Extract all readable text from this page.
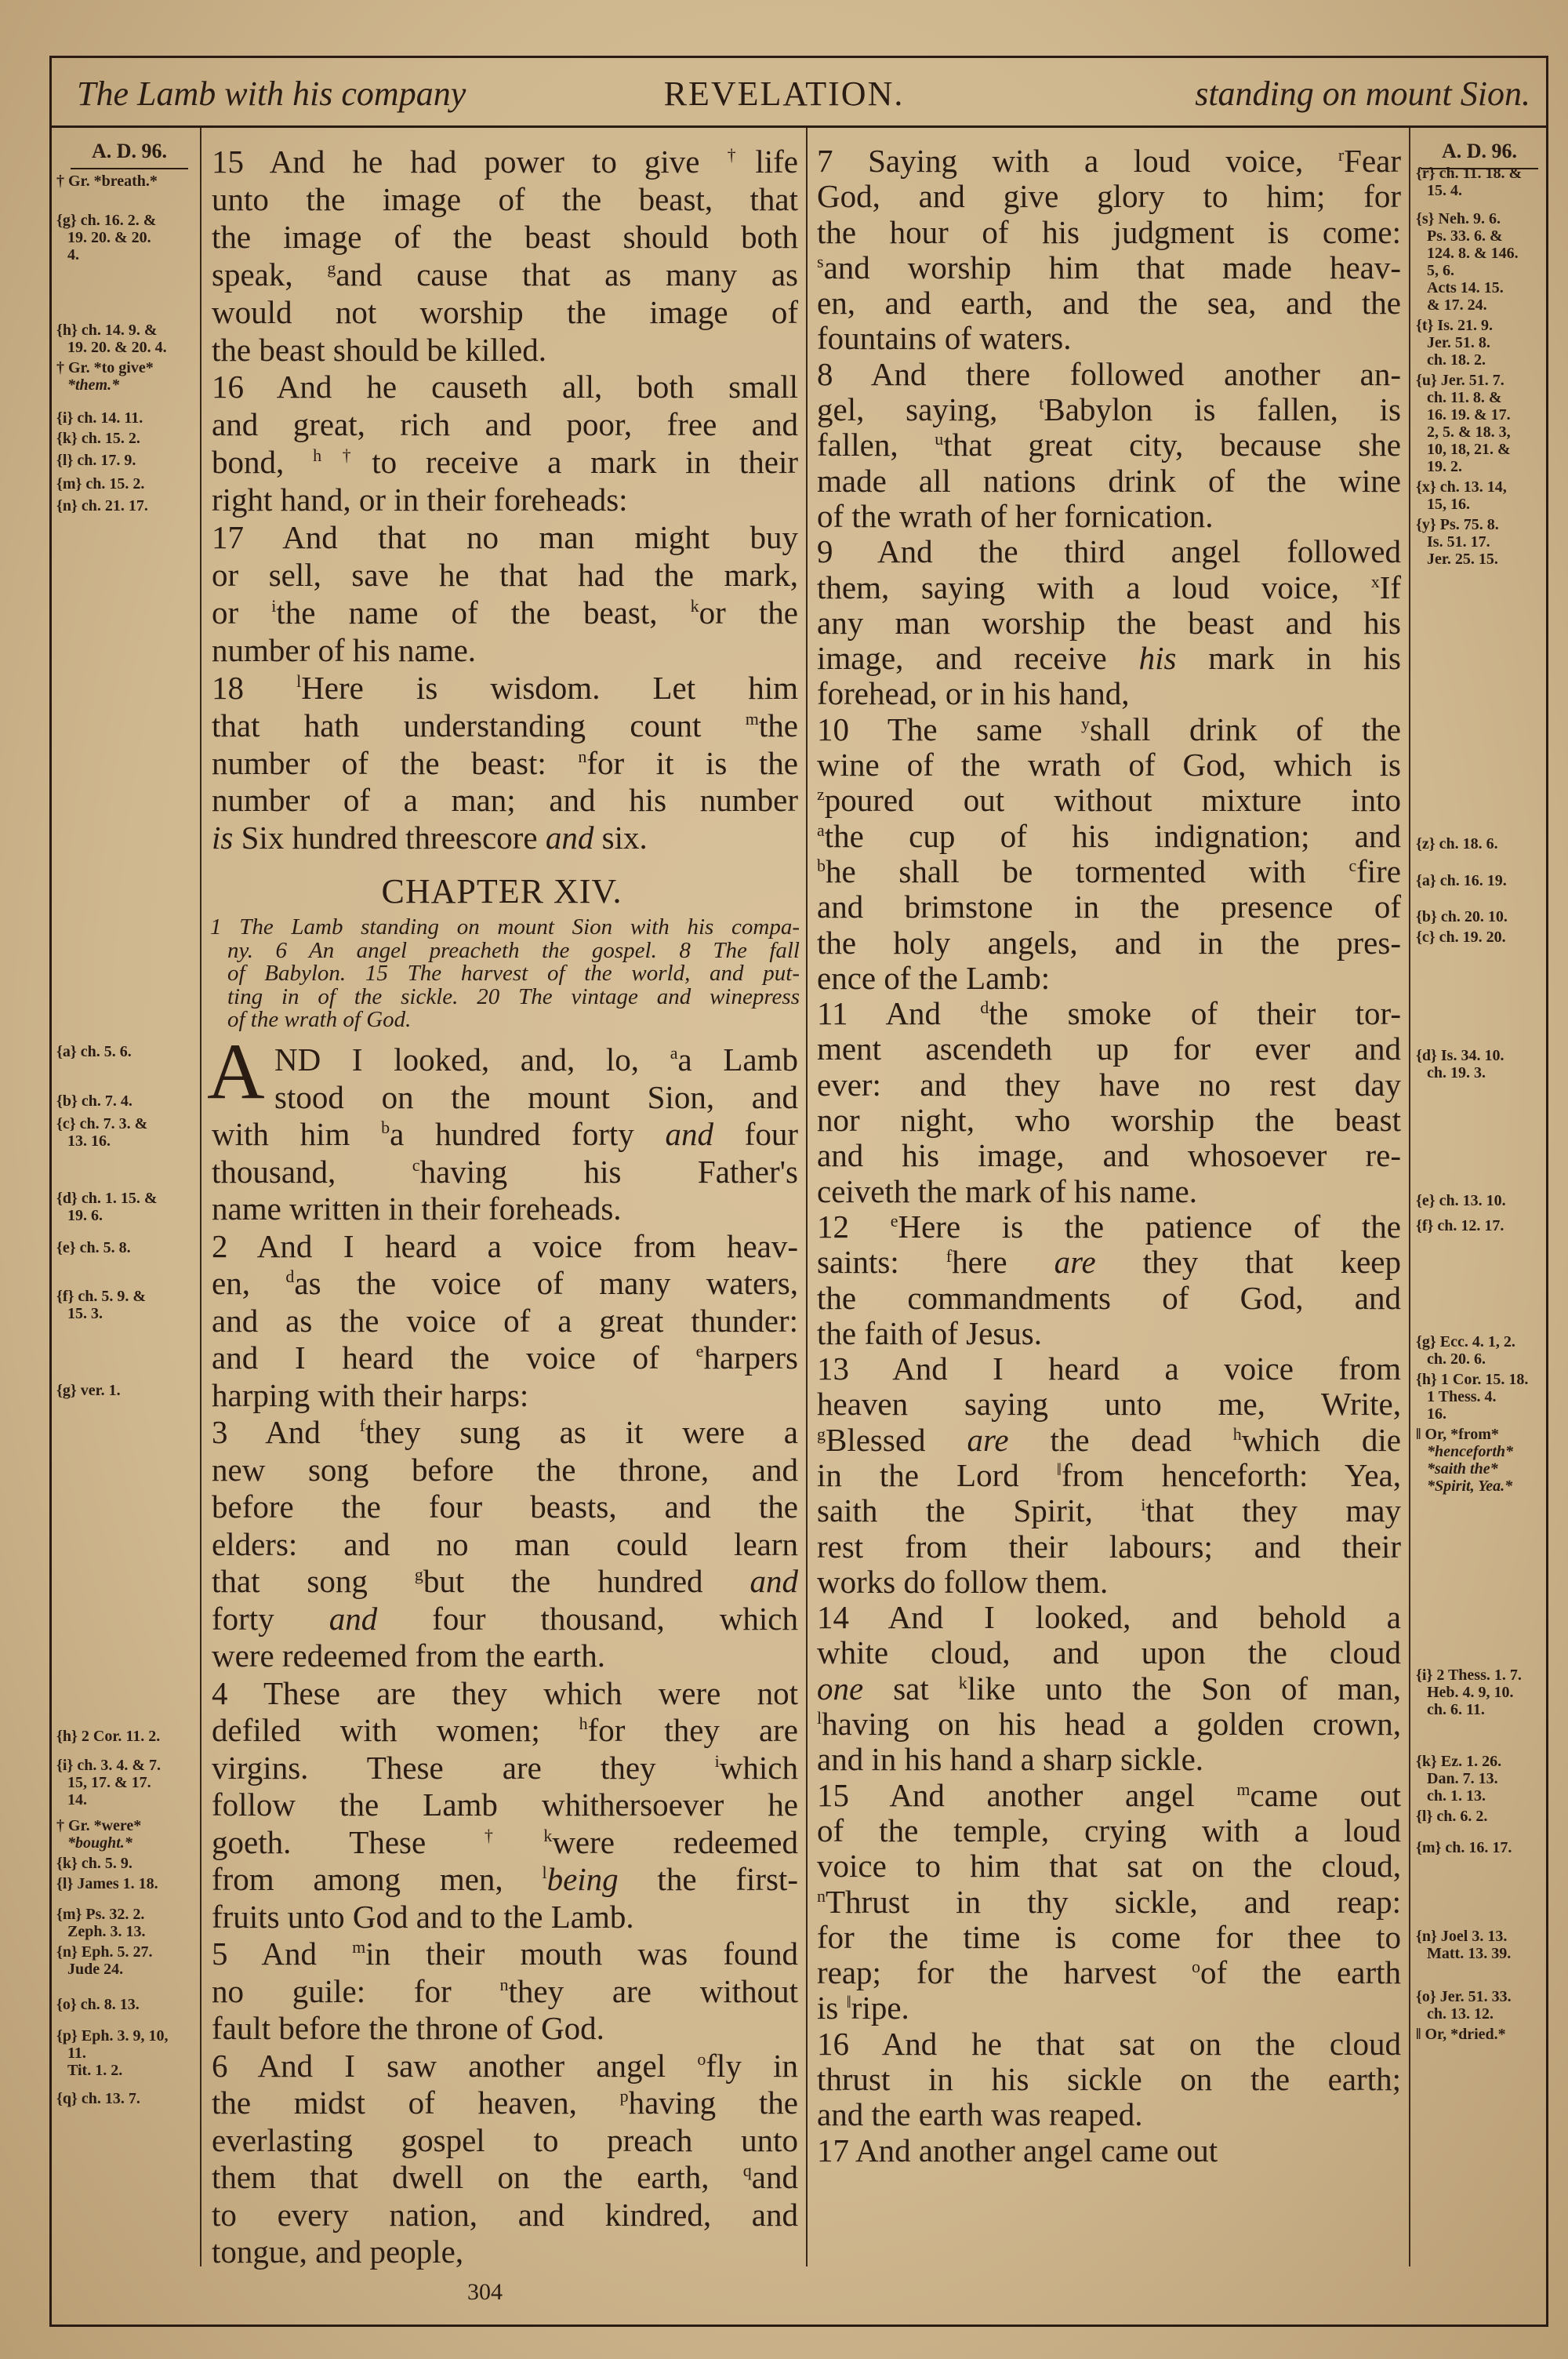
The Lamb with his company	REVELATION.	standing on mount Sion.
A. D. 96.	A. D. 96.
† Gr. *breath.*
{g} ch. 16. 2. &
19. 20. & 20.
4.
{h} ch. 14. 9. &
19. 20. & 20. 4.
† Gr. *to give*
*them.*
{i} ch. 14. 11.
{k} ch. 15. 2.
{l} ch. 17. 9.
{m} ch. 15. 2.
{n} ch. 21. 17.
{a} ch. 5. 6.
{b} ch. 7. 4.
{c} ch. 7. 3. &
13. 16.
{d} ch. 1. 15. &
19. 6.
{e} ch. 5. 8.
{f} ch. 5. 9. &
15. 3.
{g} ver. 1.
{h} 2 Cor. 11. 2.
{i} ch. 3. 4. & 7.
15, 17. & 17.
14.
† Gr. *were*
*bought.*
{k} ch. 5. 9.
{l} James 1. 18.
{m} Ps. 32. 2.
Zeph. 3. 13.
{n} Eph. 5. 27.
Jude 24.
{o} ch. 8. 13.
{p} Eph. 3. 9, 10,
11.
Tit. 1. 2.
{q} ch. 13. 7.
{r} ch. 11. 18. &
15. 4.
{s} Neh. 9. 6.
Ps. 33. 6. &
124. 8. & 146.
5, 6.
Acts 14. 15.
& 17. 24.
{t} Is. 21. 9.
Jer. 51. 8.
ch. 18. 2.
{u} Jer. 51. 7.
ch. 11. 8. &
16. 19. & 17.
2, 5. & 18. 3,
10, 18, 21. &
19. 2.
{x} ch. 13. 14,
15, 16.
{y} Ps. 75. 8.
Is. 51. 17.
Jer. 25. 15.
{z} ch. 18. 6.
{a} ch. 16. 19.
{b} ch. 20. 10.
{c} ch. 19. 20.
{d} Is. 34. 10.
ch. 19. 3.
{e} ch. 13. 10.
{f} ch. 12. 17.
{g} Ecc. 4. 1, 2.
ch. 20. 6.
{h} 1 Cor. 15. 18.
1 Thess. 4.
16.
‖ Or, *from*
*henceforth*
*saith the*
*Spirit, Yea.*
{i} 2 Thess. 1. 7.
Heb. 4. 9, 10.
ch. 6. 11.
{k} Ez. 1. 26.
Dan. 7. 13.
ch. 1. 13.
{l} ch. 6. 2.
{m} ch. 16. 17.
{n} Joel 3. 13.
Matt. 13. 39.
{o} Jer. 51. 33.
ch. 13. 12.
‖ Or, *dried.*
15 And he had power to give †life
unto the image of the beast, that
the image of the beast should both
speak, $^g$and cause that as many as
would not worship the image of
the beast should be killed.
16 And he causeth all, both small
and great, rich and poor, free and
bond, $^{h\dagger}$to receive a mark in their
right hand, or in their foreheads:
17 And that no man might buy
or sell, save he that had the mark,
or $^i$the name of the beast, $^k$or the
number of his name.
18 $^l$Here is wisdom. Let him
that hath understanding count $^m$the
number of the beast: $^n$for it is the
number of a man; and his number
is Six hundred threescore and six.
CHAPTER XIV.
1 The Lamb standing on mount Sion with his compa-
ny. 6 An angel preacheth the gospel. 8 The fall
of Babylon. 15 The harvest of the world, and put-
ting in of the sickle. 20 The vintage and winepress
of the wrath of God.
A ND I looked, and, lo, $^a$a Lamb
stood on the mount Sion, and
with him $^b$a hundred forty and four
thousand, $^c$having his Father's
name written in their foreheads.
2 And I heard a voice from heav-
en, $^d$as the voice of many waters,
and as the voice of a great thunder:
and I heard the voice of $^e$harpers
harping with their harps:
3 And $^f$they sung as it were a
new song before the throne, and
before the four beasts, and the
elders: and no man could learn
that song $^g$but the hundred and
forty and four thousand, which
were redeemed from the earth.
4 These are they which were not
defiled with women; $^h$for they are
virgins. These are they $^i$which
follow the Lamb whithersoever he
goeth. These $^{\dagger k}$were redeemed
from among men, $^l$being the first-
fruits unto God and to the Lamb.
5 And $^m$in their mouth was found
no guile: for $^n$they are without
fault before the throne of God.
6 And I saw another angel $^o$fly in
the midst of heaven, $^p$having the
everlasting gospel to preach unto
them that dwell on the earth, $^q$and
to every nation, and kindred, and
tongue, and people,
7 Saying with a loud voice, $^r$Fear
God, and give glory to him; for
the hour of his judgment is come:
$^s$and worship him that made heav-
en, and earth, and the sea, and the
fountains of waters.
8 And there followed another an-
gel, saying, $^t$Babylon is fallen, is
fallen, $^u$that great city, because she
made all nations drink of the wine
of the wrath of her fornication.
9 And the third angel followed
them, saying with a loud voice, $^x$If
any man worship the beast and his
image, and receive his mark in his
forehead, or in his hand,
10 The same $^y$shall drink of the
wine of the wrath of God, which is
$^z$poured out without mixture into
$^a$the cup of his indignation; and
$^b$he shall be tormented with $^c$fire
and brimstone in the presence of
the holy angels, and in the pres-
ence of the Lamb:
11 And $^d$the smoke of their tor-
ment ascendeth up for ever and
ever: and they have no rest day
nor night, who worship the beast
and his image, and whosoever re-
ceiveth the mark of his name.
12 $^e$Here is the patience of the
saints: $^f$here are they that keep
the commandments of God, and
the faith of Jesus.
13 And I heard a voice from
heaven saying unto me, Write,
$^g$Blessed are the dead $^h$which die
in the Lord ‖from henceforth: Yea,
saith the Spirit, $^i$that they may
rest from their labours; and their
works do follow them.
14 And I looked, and behold a
white cloud, and upon the cloud
one sat $^k$like unto the Son of man,
$^l$having on his head a golden crown,
and in his hand a sharp sickle.
15 And another angel $^m$came out
of the temple, crying with a loud
voice to him that sat on the cloud,
$^n$Thrust in thy sickle, and reap:
for the time is come for thee to
reap; for the harvest $^o$of the earth
is ‖ripe.
16 And he that sat on the cloud
thrust in his sickle on the earth;
and the earth was reaped.
17 And another angel came out
304
